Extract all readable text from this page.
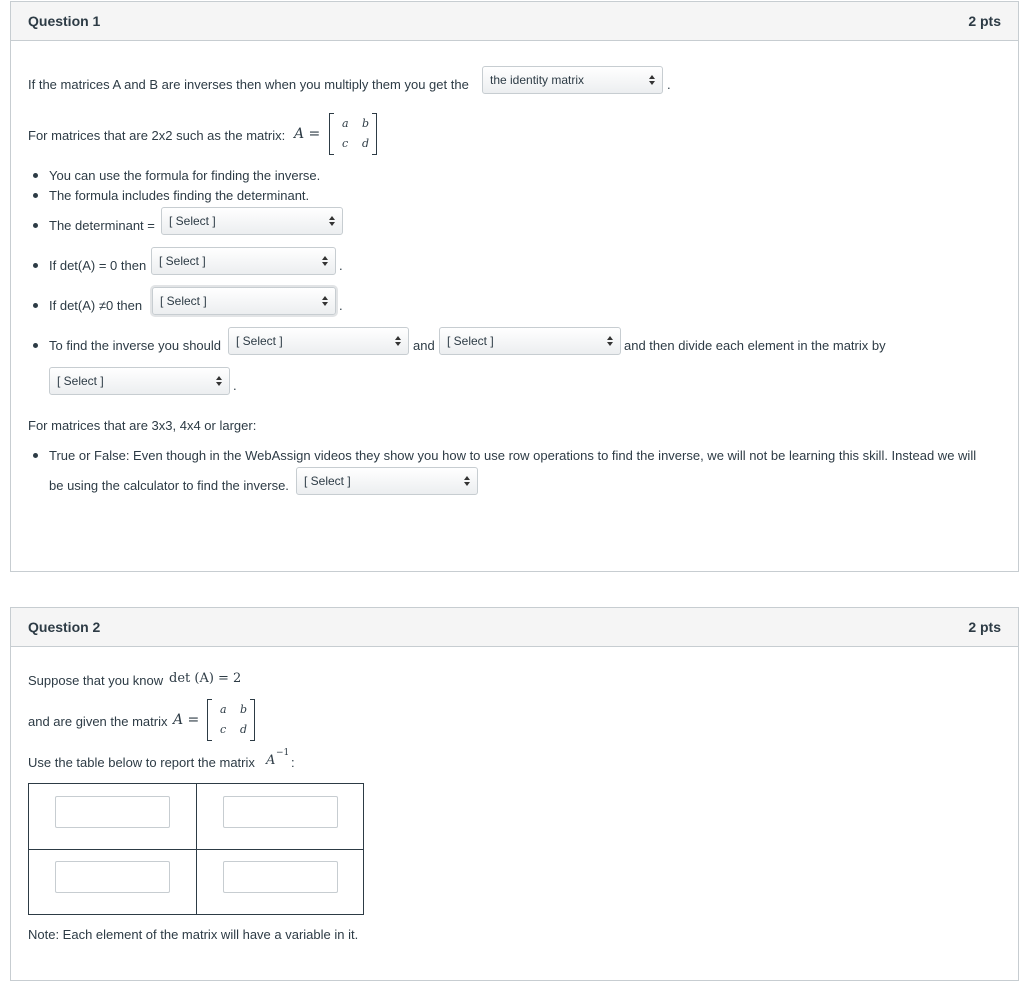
Question 1	2 pts
If the matrices A and B are inverses then when you multiply them you get the the identity matrix	.
For matrices that are 2x2 such as the matrix: A =
a b
c d
You can use the formula for finding the inverse.
The formula includes finding the determinant.
The determinant = [ Select ]
If det(A) = 0 then [ Select ]	.
If det(A) ≠0 then [ Select ]	.
To find the inverse you should [ Select ]	and [ Select ]	and then divide each element in the matrix by
[ Select ]	.
For matrices that are 3x3, 4x4 or larger:
True or False: Even though in the WebAssign videos they show you how to use row operations to find the inverse, we will not be learning this skill. Instead we will
be using the calculator to find the inverse. [ Select ]
Question 2	2 pts
Suppose that you know det (A) = 2
and are given the matrix A =
a b
c d
Use the table below to report the matrix A −1
:
Note: Each element of the matrix will have a variable in it.
